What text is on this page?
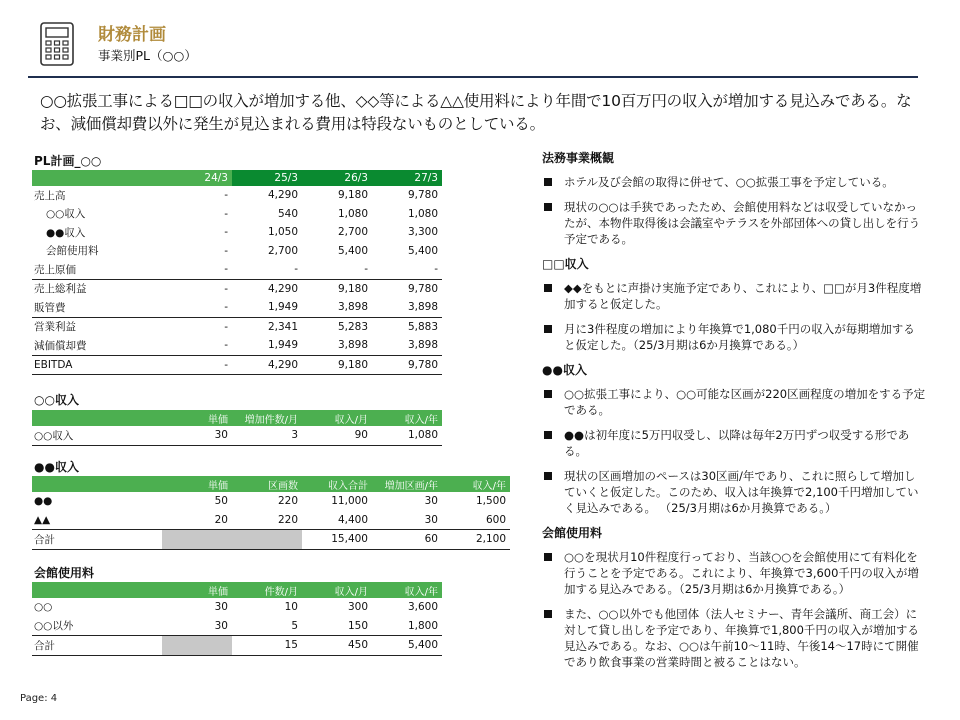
財務計画
事業別PL（○○）
○○拡張工事による□□の収入が増加する他、◇◇等による△△使用料により年間で10百万円の収入が増加する見込みである。なお、減価償却費以外に発生が見込まれる費用は特段ないものとしている。
PL計画_○○
	24/3	25/3	26/3	27/3
売上高	-	4,290	9,180	9,780
○○収入	-	540	1,080	1,080
●●収入	-	1,050	2,700	3,300
会館使用料	-	2,700	5,400	5,400
売上原価	-	-	-	-
売上総利益	-	4,290	9,180	9,780
販管費	-	1,949	3,898	3,898
営業利益	-	2,341	5,283	5,883
減価償却費	-	1,949	3,898	3,898
EBITDA	-	4,290	9,180	9,780
○○収入
	単価	増加件数/月	収入/月	収入/年
○○収入	30	3	90	1,080
●●収入
	単価	区画数	収入合計	増加区画/年	収入/年
●●	50	220	11,000	30	1,500
▲▲	20	220	4,400	30	600
合計			15,400	60	2,100
会館使用料
	単価	件数/月	収入/月	収入/年
○○	30	10	300	3,600
○○以外	30	5	150	1,800
合計		15	450	5,400
法務事業概観
ホテル及び会館の取得に併せて、○○拡張工事を予定している。
現状の○○は手狭であったため、会館使用料などは収受していなかったが、本物件取得後は会議室やテラスを外部団体への貸し出しを行う予定である。
□□収入
◆◆をもとに声掛け実施予定であり、これにより、□□が月3件程度増加すると仮定した。
月に3件程度の増加により年換算で1,080千円の収入が毎期増加すると仮定した。（25/3月期は6か月換算である。）
●●収入
○○拡張工事により、○○可能な区画が220区画程度の増加をする予定である。
●●は初年度に5万円収受し、以降は毎年2万円ずつ収受する形である。
現状の区画増加のペースは30区画/年であり、これに照らして増加していくと仮定した。このため、収入は年換算で2,100千円増加していく見込みである。 （25/3月期は6か月換算である。）
会館使用料
○○を現状月10件程度行っており、当該○○を会館使用にて有料化を行うことを予定である。これにより、年換算で3,600千円の収入が増加する見込みである。（25/3月期は6か月換算である。）
また、○○以外でも他団体（法人セミナー、青年会議所、商工会）に対して貸し出しを予定であり、年換算で1,800千円の収入が増加する見込みである。なお、○○は午前10～11時、午後14～17時にて開催であり飲食事業の営業時間と被ることはない。
Page: 4
